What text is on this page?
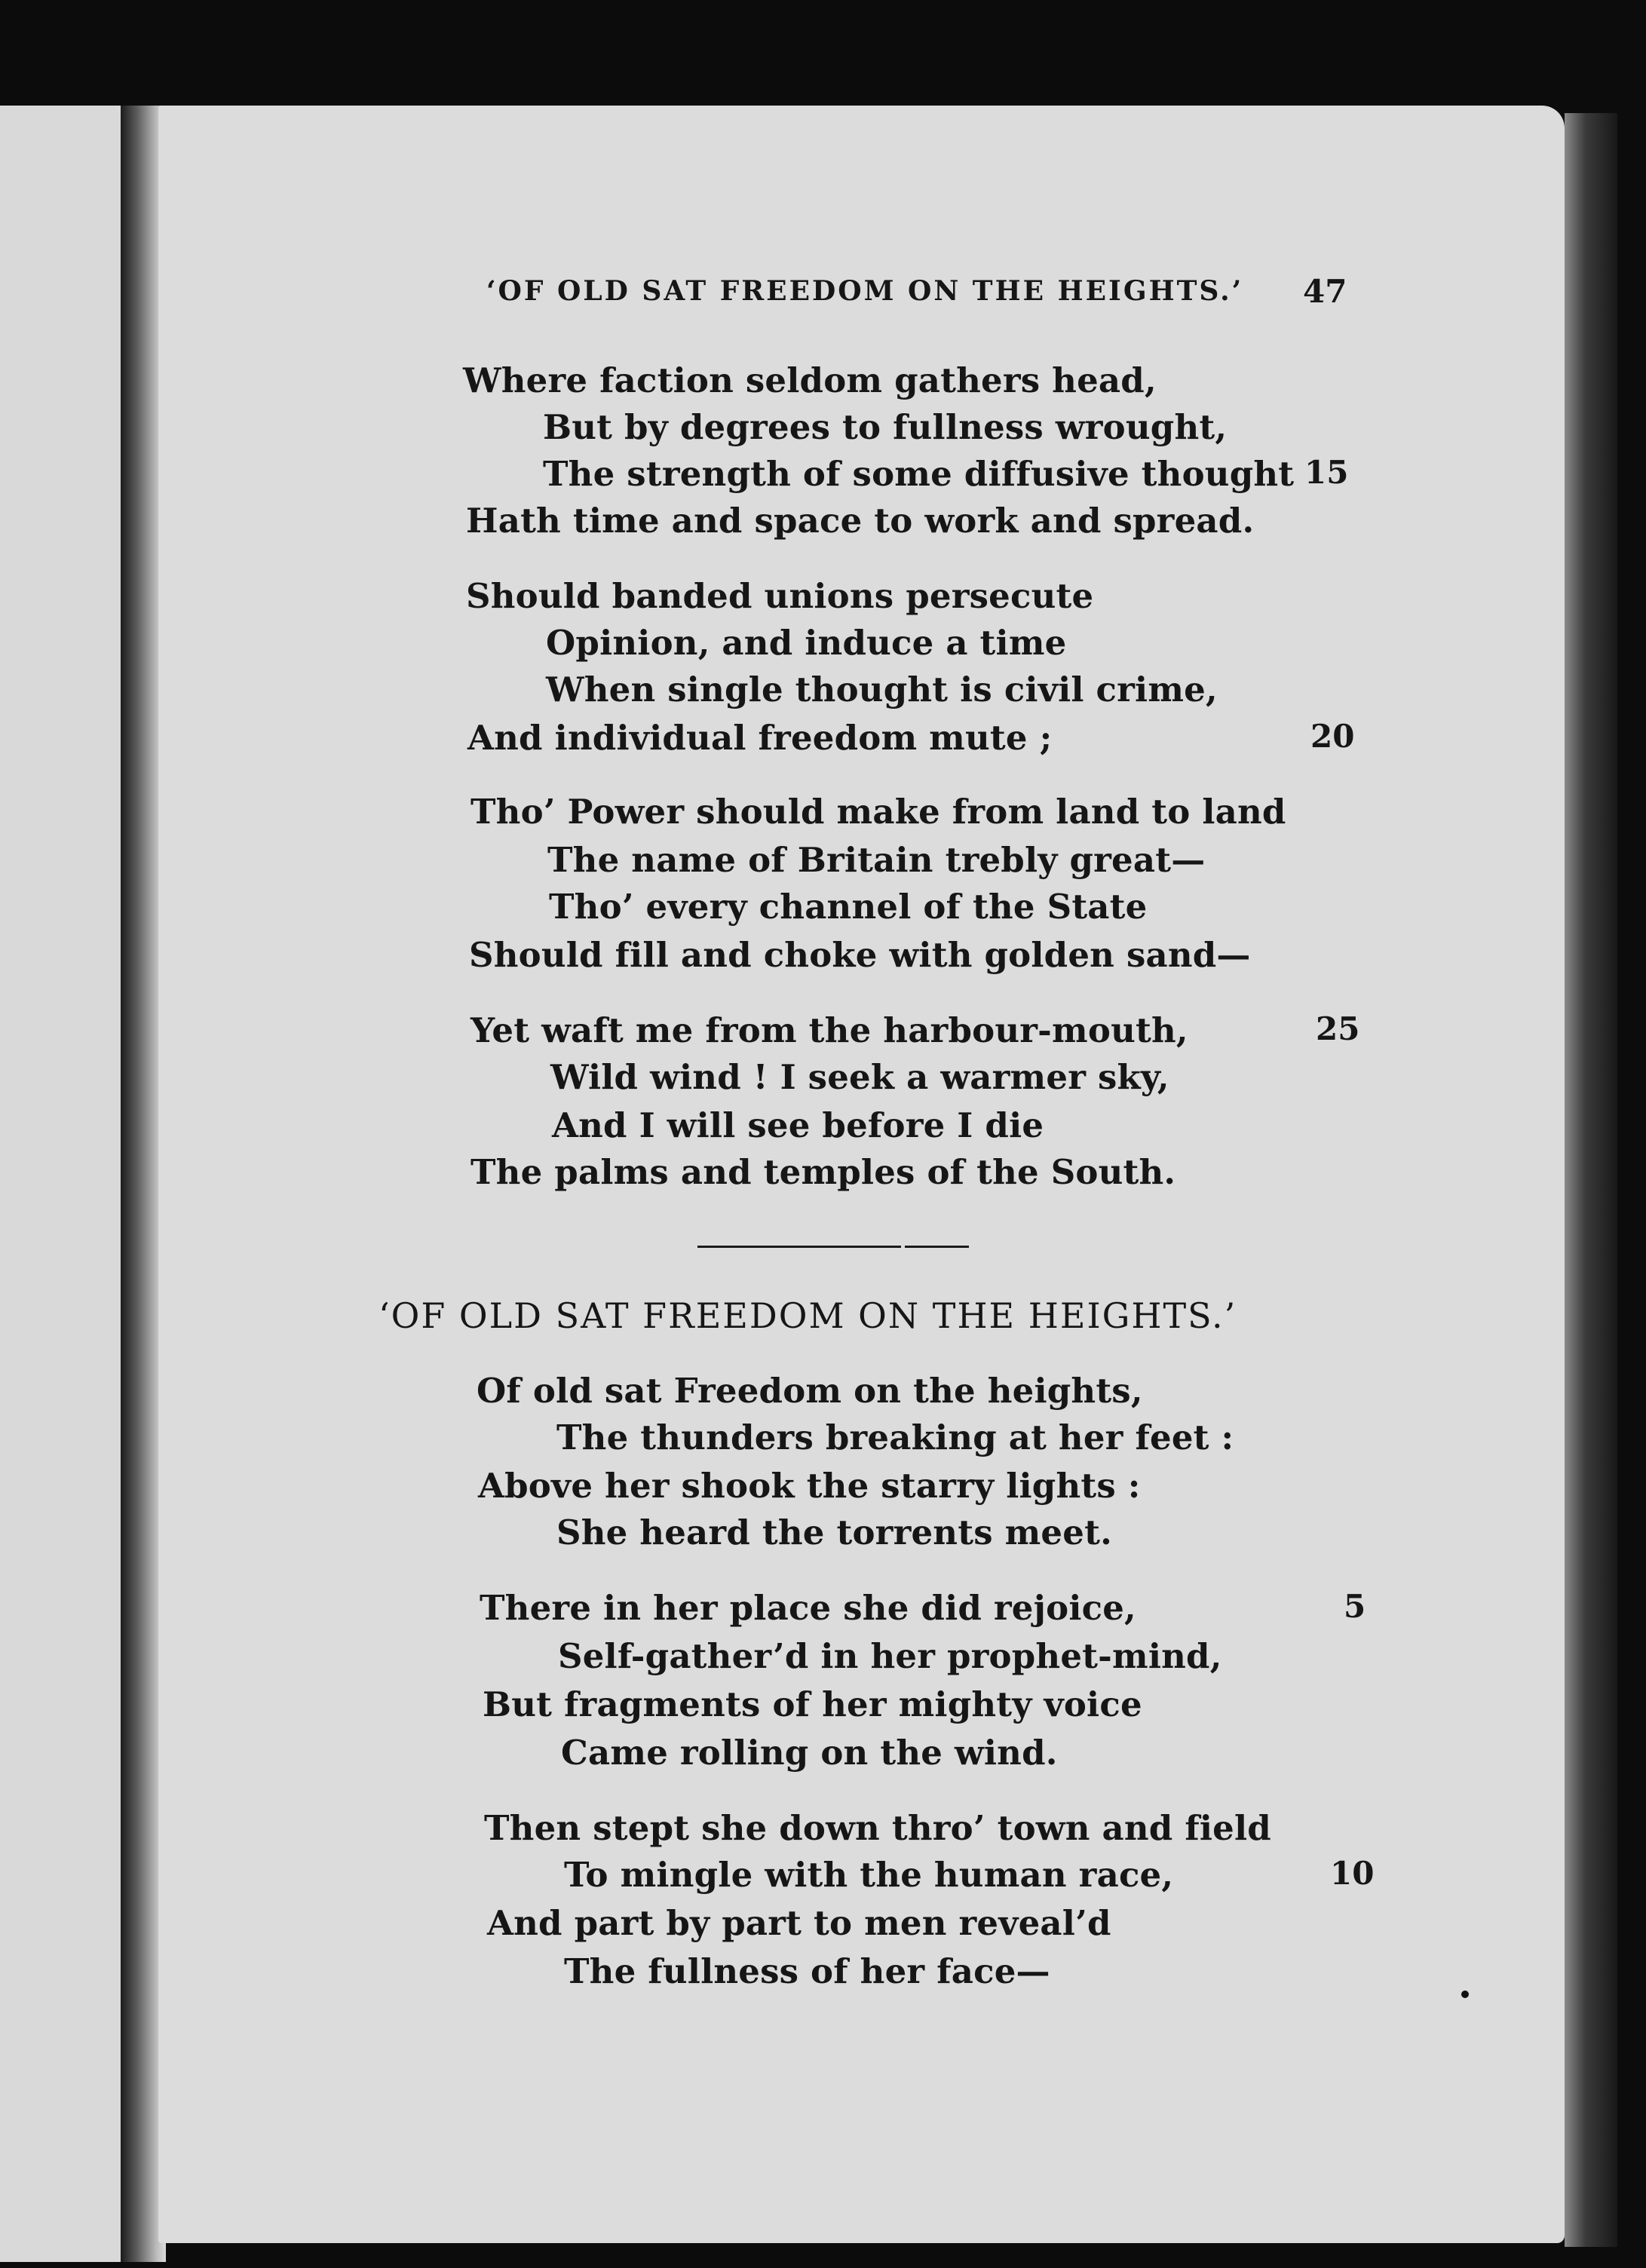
‘OF OLD SAT FREEDOM ON THE HEIGHTS.’ 47
Where faction seldom gathers head,
But by degrees to fullness wrought,
The strength of some diffusive thought
Hath time and space to work and spread.
15
Should banded unions persecute
Opinion, and induce a time
When single thought is civil crime,
And individual freedom mute ;	20
Tho’ Power should make from land to land
The name of Britain trebly great—
Tho’ every channel of the State
Should fill and choke with golden sand—
Yet waft me from the harbour-mouth,
Wild wind ! I seek a warmer sky,
And I will see before I die
The palms and temples of the South.
25
‘OF OLD SAT FREEDOM ON THE HEIGHTS.’
Of old sat Freedom on the heights,
The thunders breaking at her feet :
Above her shook the starry lights :
She heard the torrents meet.
There in her place she did rejoice,
Self-gather’d in her prophet-mind,
But fragments of her mighty voice
Came rolling on the wind.
5
Then stept she down thro’ town and field
To mingle with the human race,
And part by part to men reveal’d
The fullness of her face—
10
